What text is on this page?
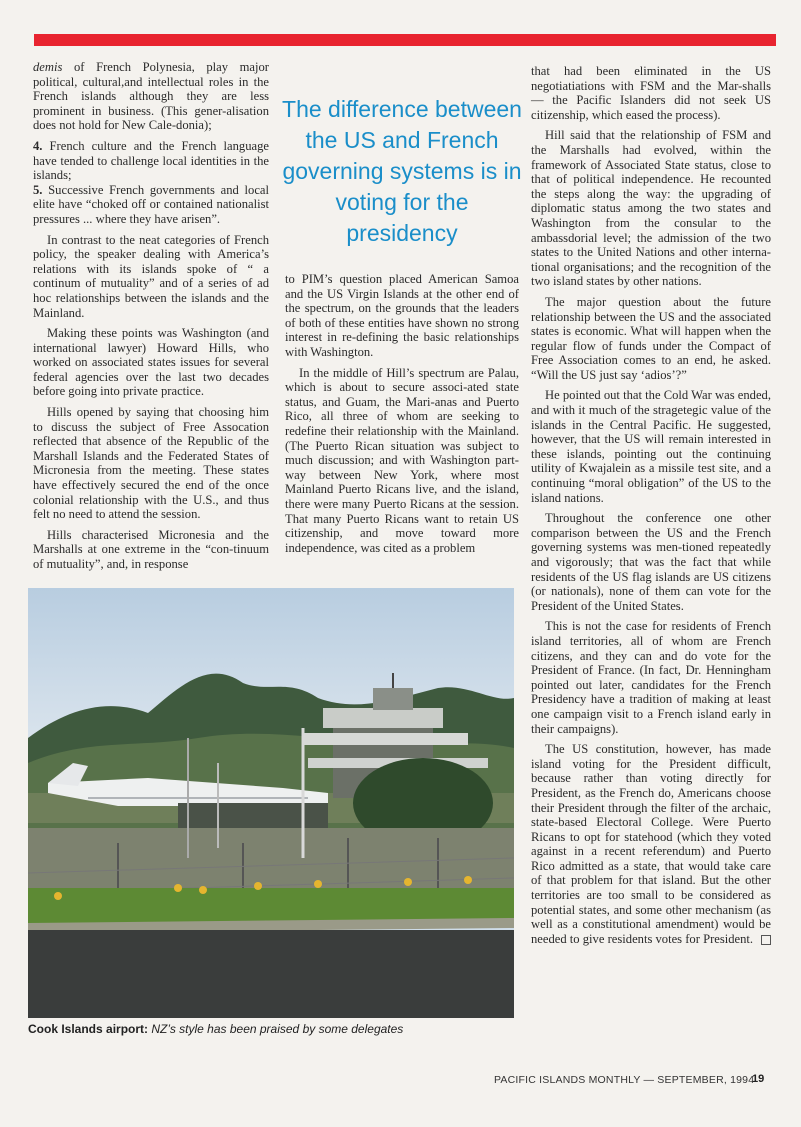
demis of French Polynesia, play major political, cultural,and intellectual roles in the French islands although they are less prominent in business. (This gener-alisation does not hold for New Cale-donia);

4. French culture and the French language have tended to challenge local identities in the islands;

5. Successive French governments and local elite have “choked off or contained nationalist pressures ... where they have arisen”.

In contrast to the neat categories of French policy, the speaker dealing with America’s relations with its islands spoke of “ a continum of mutuality” and of a series of ad hoc relationships between the islands and the Mainland.

Making these points was Washington (and international lawyer) Howard Hills, who worked on associated states issues for several federal agencies over the last two decades before going into private practice.

Hills opened by saying that choosing him to discuss the subject of Free Assocation reflected that absence of the Republic of the Marshall Islands and the Federated States of Micronesia from the meeting. These states have effectively secured the end of the once colonial relationship with the U.S., and thus felt no need to attend the session.

Hills characterised Micronesia and the Marshalls at one extreme in the “con-tinuum of mutuality”, and, in response

The difference between the US and French governing systems is in voting for the presidency

to PIM’s question placed American Samoa and the US Virgin Islands at the other end of the spectrum, on the grounds that the leaders of both of these entities have shown no strong interest in re-defining the basic relationships with Washington.

In the middle of Hill’s spectrum are Palau, which is about to secure associ-ated state status, and Guam, the Mari-anas and Puerto Rico, all three of whom are seeking to redefine their relationship with the Mainland. (The Puerto Rican situation was subject to much discussion; and with Washington part-way between New York, where most Mainland Puerto Ricans live, and the island, there were many Puerto Ricans at the session. That many Puerto Ricans want to retain US citizenship, and move toward more independence, was cited as a problem

that had been eliminated in the US negotiatiations with FSM and the Mar-shalls — the Pacific Islanders did not seek US citizenship, which eased the process).

Hill said that the relationship of FSM and the Marshalls had evolved, within the framework of Associated State status, close to that of political independence. He recounted the steps along the way: the upgrading of diplomatic status among the two states and Washington from the consular to the ambassdorial level; the admission of the two states to the United Nations and other interna-tional organisations; and the recognition of the two island states by other nations.

The major question about the future relationship between the US and the associated states is economic. What will happen when the regular flow of funds under the Compact of Free Association comes to an end, he asked. “Will the US just say ‘adios’?”

He pointed out that the Cold War was ended, and with it much of the stragetegic value of the islands in the Central Pacific. He suggested, however, that the US will remain interested in these islands, pointing out the continuing utility of Kwajalein as a missile test site, and a continuing “moral obligation” of the US to the island nations.

Throughout the conference one other comparison between the US and the French governing systems was men-tioned repeatedly and vigorously; that was the fact that while residents of the US flag islands are US citizens (or nationals), none of them can vote for the President of the United States.

This is not the case for residents of French island territories, all of whom are French citizens, and they can and do vote for the President of France. (In fact, Dr. Henningham pointed out later, candidates for the French Presidency have a tradition of making at least one campaign visit to a French island early in their campaigns).

The US constitution, however, has made island voting for the President difficult, because rather than voting directly for President, as the French do, Americans choose their President through the filter of the archaic, state-based Electoral College. Were Puerto Ricans to opt for statehood (which they voted against in a recent referendum) and Puerto Rico admitted as a state, that would take care of that problem for that island. But the other territories are too small to be considered as potential states, and some other mechanism (as well as a constitutional amendment) would be needed to give residents votes for President.

Cook Islands airport: NZ’s style has been praised by some delegates
PACIFIC ISLANDS MONTHLY — SEPTEMBER, 1994
19
